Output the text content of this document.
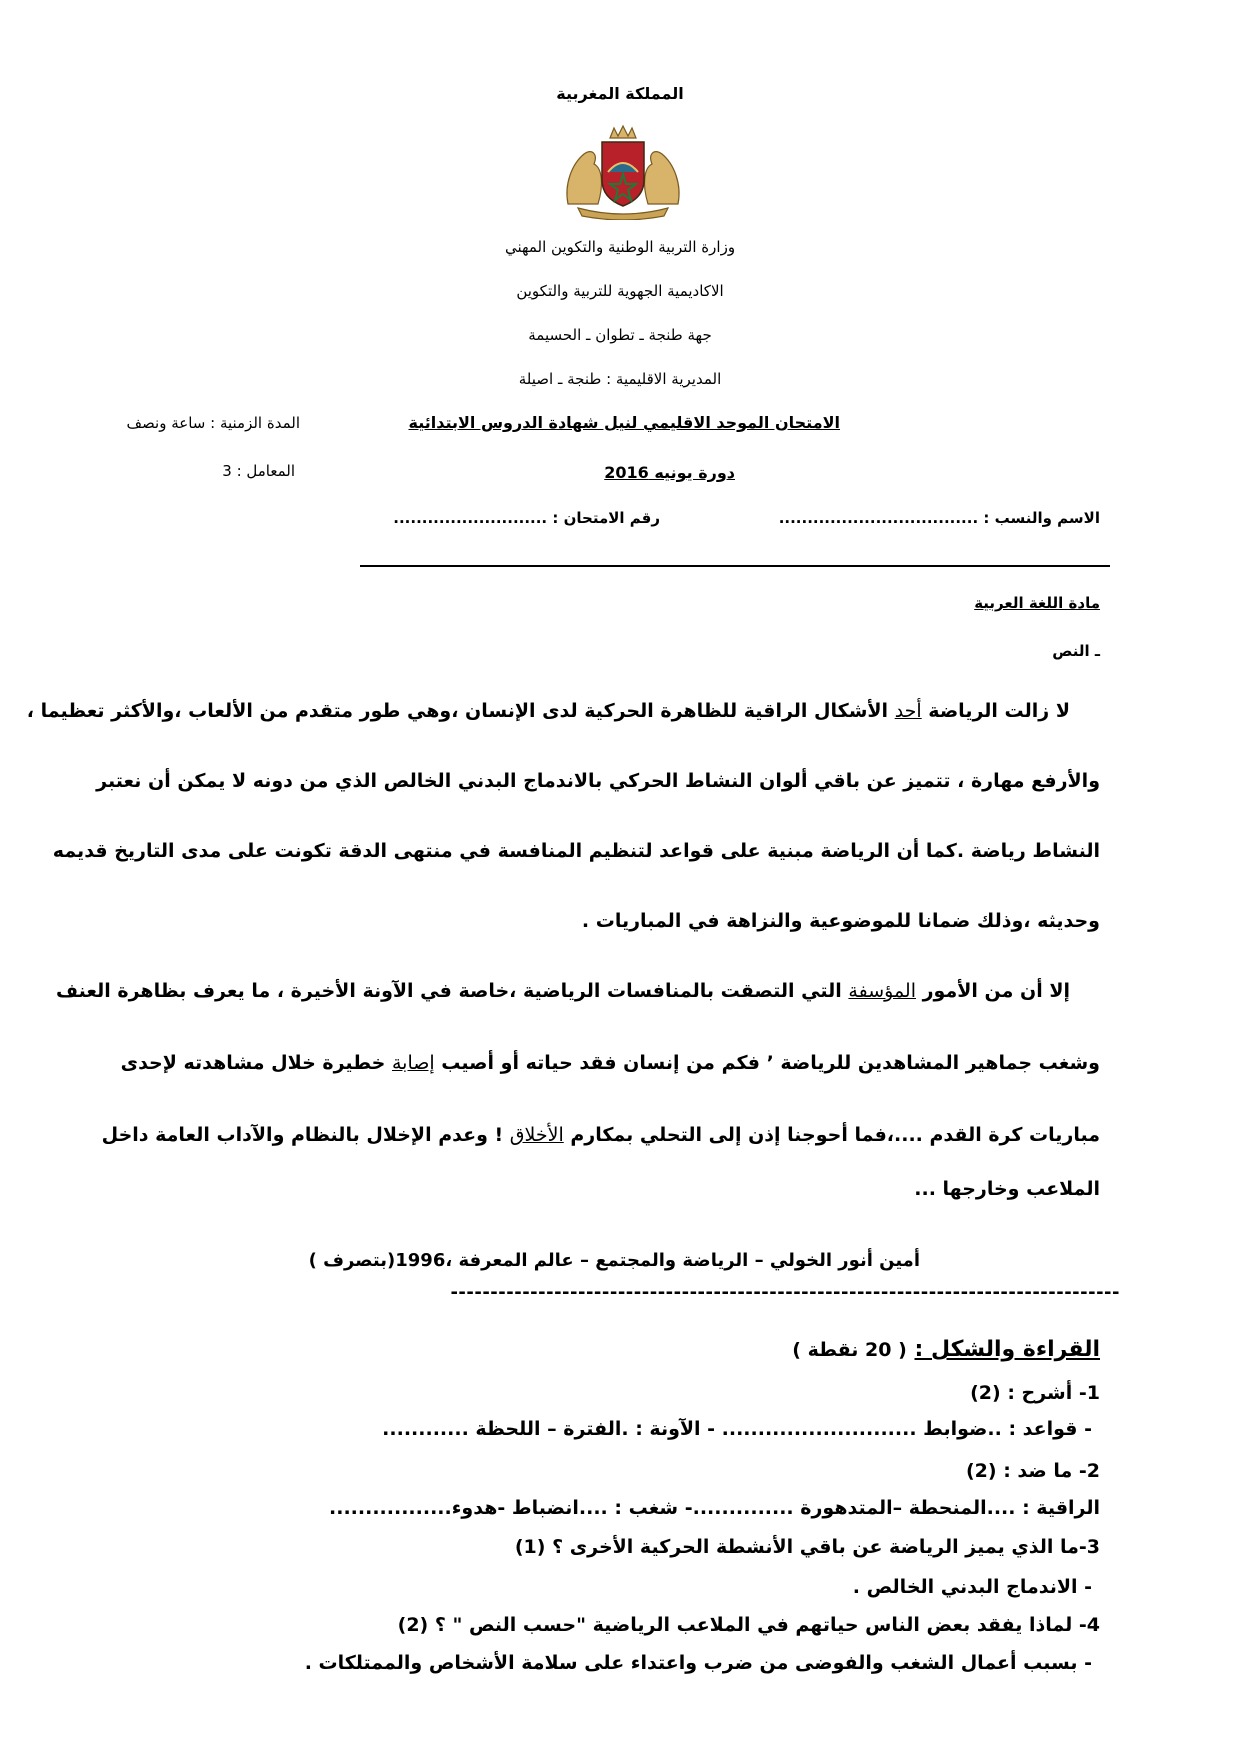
المملكة المغربية
وزارة التربية الوطنية والتكوين المهني
الاكاديمية الجهوية للتربية والتكوين
جهة طنجة ـ تطوان ـ الحسيمة
المديرية الاقليمية : طنجة ـ اصيلة
الامتحان الموحد الاقليمي لنيل شهادة الدروس الابتدائية
المدة الزمنية : ساعة ونصف
دورة يونيه 2016
المعامل : 3
الاسم والنسب : ...................................
رقم الامتحان : ...........................
مادة اللغة العربية
ـ النص
لا زالت الرياضة أحد الأشكال الراقية للظاهرة الحركية لدى الإنسان ،وهي طور متقدم من الألعاب ،والأكثر تعظيما ،
والأرفع مهارة ، تتميز عن باقي ألوان النشاط الحركي بالاندماج البدني الخالص الذي من دونه لا يمكن أن نعتبر
النشاط رياضة .كما أن الرياضة مبنية على قواعد لتنظيم المنافسة في منتهى الدقة تكونت على مدى التاريخ قديمه
وحديثه ،وذلك ضمانا للموضوعية والنزاهة في المباريات .
إلا أن من الأمور المؤسفة التي التصقت بالمنافسات الرياضية ،خاصة في الآونة الأخيرة ، ما يعرف بظاهرة العنف
وشغب جماهير المشاهدين للرياضة ’ فكم من إنسان فقد حياته أو أصيب إصابة خطيرة خلال مشاهدته لإحدى
مباريات كرة القدم ....،فما أحوجنا إذن إلى التحلي بمكارم الأخلاق ! وعدم الإخلال بالنظام والآداب العامة داخل
الملاعب وخارجها ...
أمين أنور الخولي – الرياضة والمجتمع – عالم المعرفة ،1996(بتصرف )
------------------------------------------------------------------------------------
القراءة والشكل : ( 20 نقطة )
1- أشرح : (2)
- قواعد : ..ضوابط ........................... - الآونة : .الفترة – اللحظة ............
2- ما ضد : (2)
الراقية : ....المنحطة –المتدهورة ..............- شغب : ....انضباط -هدوء.................
3-ما الذي يميز الرياضة عن باقي الأنشطة الحركية الأخرى ؟ (1)
- الاندماج البدني الخالص .
4- لماذا يفقد بعض الناس حياتهم في الملاعب الرياضية "حسب النص " ؟ (2)
- بسبب أعمال الشغب والفوضى من ضرب واعتداء على سلامة الأشخاص والممتلكات .
